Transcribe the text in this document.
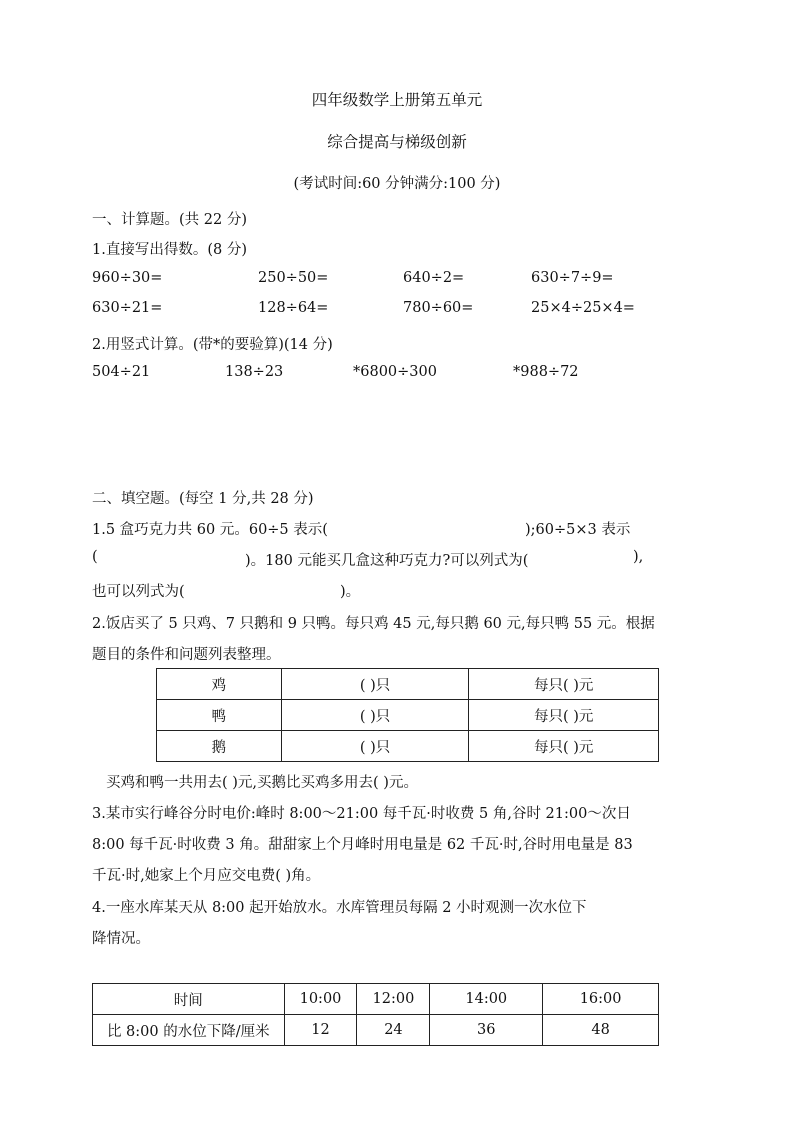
四年级数学上册第五单元
综合提高与梯级创新
(考试时间:60 分钟满分:100 分)
一、计算题。(共 22 分)
1.直接写出得数。(8 分)
960÷30=	250÷50=	640÷2=	630÷7÷9=
630÷21=	128÷64=	780÷60=	25×4÷25×4=
2.用竖式计算。(带*的要验算)(14 分)
504÷21	138÷23	*6800÷300	*988÷72
二、填空题。(每空 1 分,共 28 分)
1.5 盒巧克力共 60 元。60÷5 表示(	);60÷5×3 表示
(	)。180 元能买几盒这种巧克力?可以列式为(	),
也可以列式为(	)。
2.饭店买了 5 只鸡、7 只鹅和 9 只鸭。每只鸡 45 元,每只鹅 60 元,每只鸭 55 元。根据
题目的条件和问题列表整理。
鸡	( )只	每只( )元
鸭	( )只	每只( )元
鹅	( )只	每只( )元
买鸡和鸭一共用去( )元,买鹅比买鸡多用去( )元。
3.某市实行峰谷分时电价:峰时 8:00～21:00 每千瓦·时收费 5 角,谷时 21:00～次日
8:00 每千瓦·时收费 3 角。甜甜家上个月峰时用电量是 62 千瓦·时,谷时用电量是 83
千瓦·时,她家上个月应交电费( )角。
4.一座水库某天从 8:00 起开始放水。水库管理员每隔 2 小时观测一次水位下
降情况。
时间	10:00	12:00	14:00	16:00
比 8:00 的水位下降/厘米	12	24	36	48
